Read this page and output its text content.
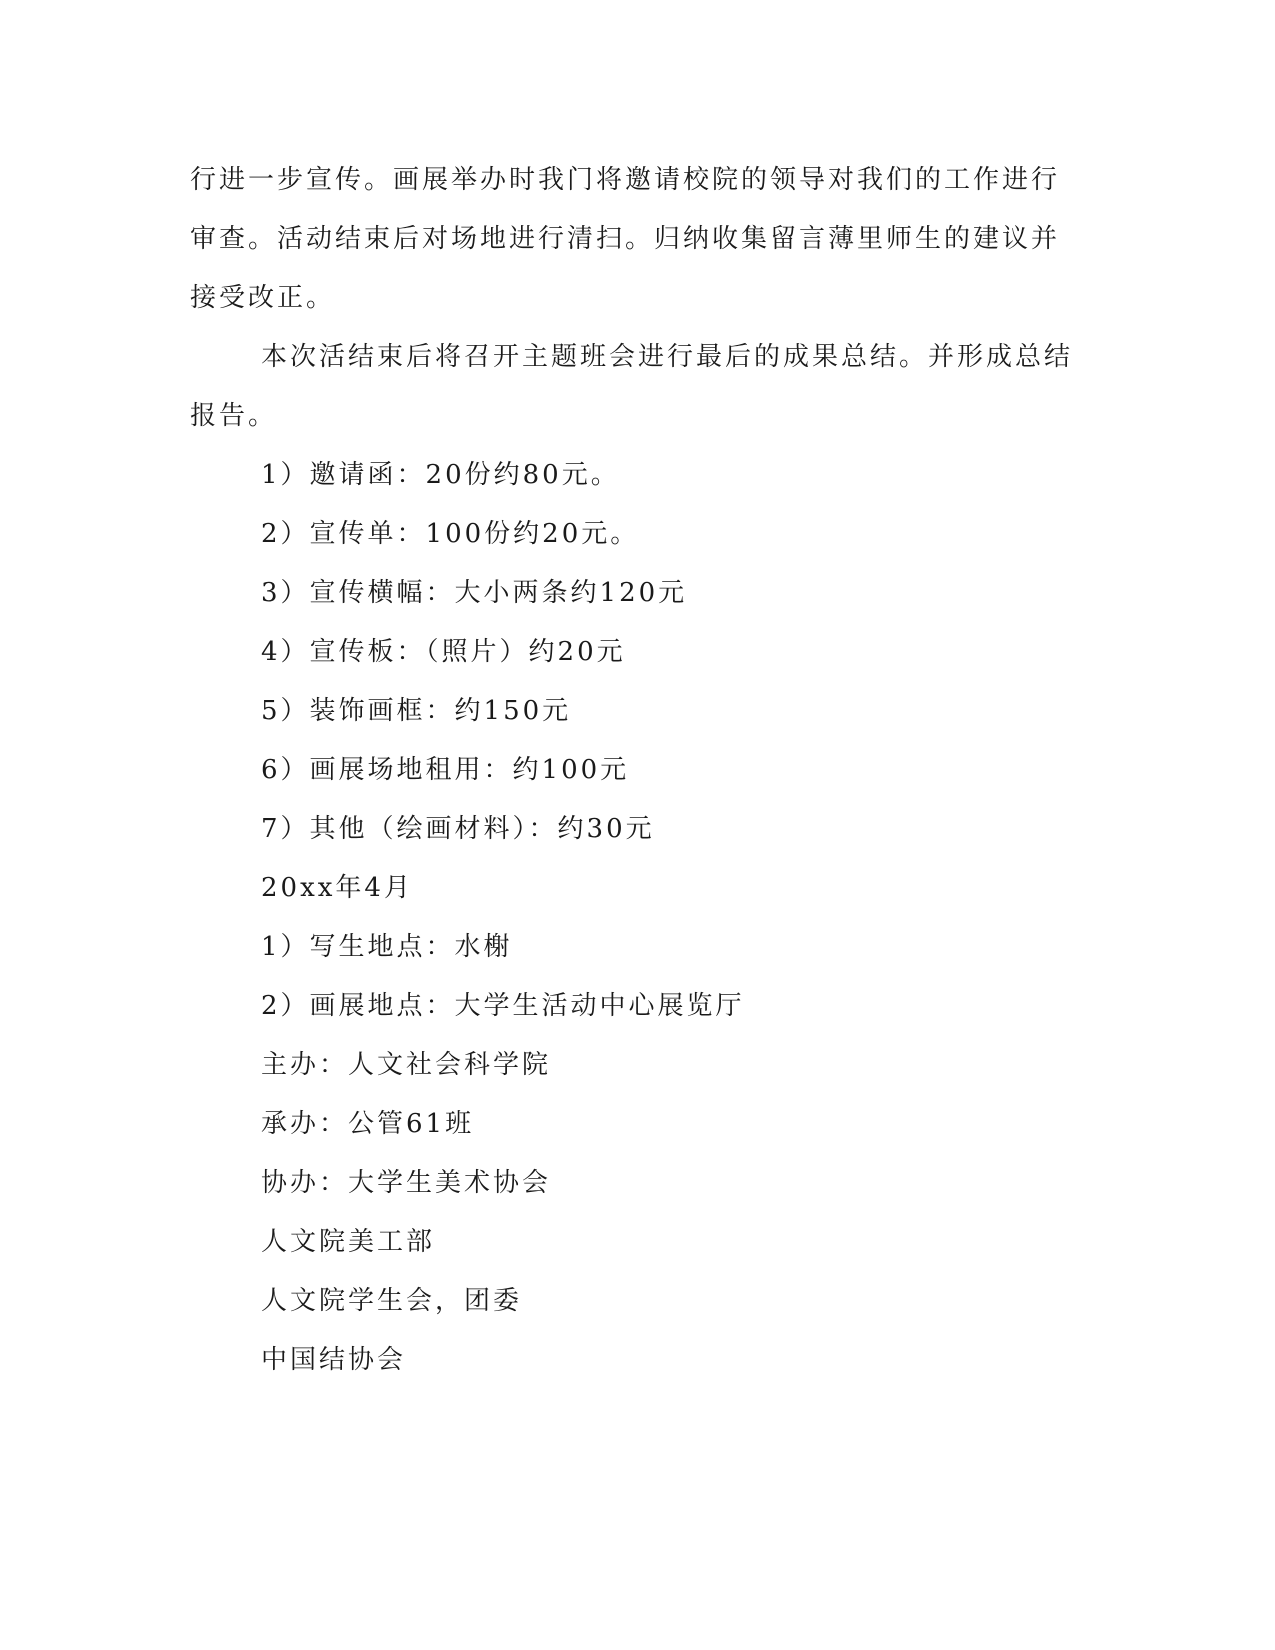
行进一步宣传。画展举办时我门将邀请校院的领导对我们的工作进行
审查。活动结束后对场地进行清扫。归纳收集留言薄里师生的建议并
接受改正。
本次活结束后将召开主题班会进行最后的成果总结。并形成总结
报告。
1）邀请函：20份约80元。
2）宣传单：100份约20元。
3）宣传横幅：大小两条约120元
4）宣传板：（照片）约20元
5）装饰画框：约150元
6）画展场地租用：约100元
7）其他（绘画材料）：约30元
20xx年4月
1）写生地点：水榭
2）画展地点：大学生活动中心展览厅
主办：人文社会科学院
承办：公管61班
协办：大学生美术协会
人文院美工部
人文院学生会，团委
中国结协会
